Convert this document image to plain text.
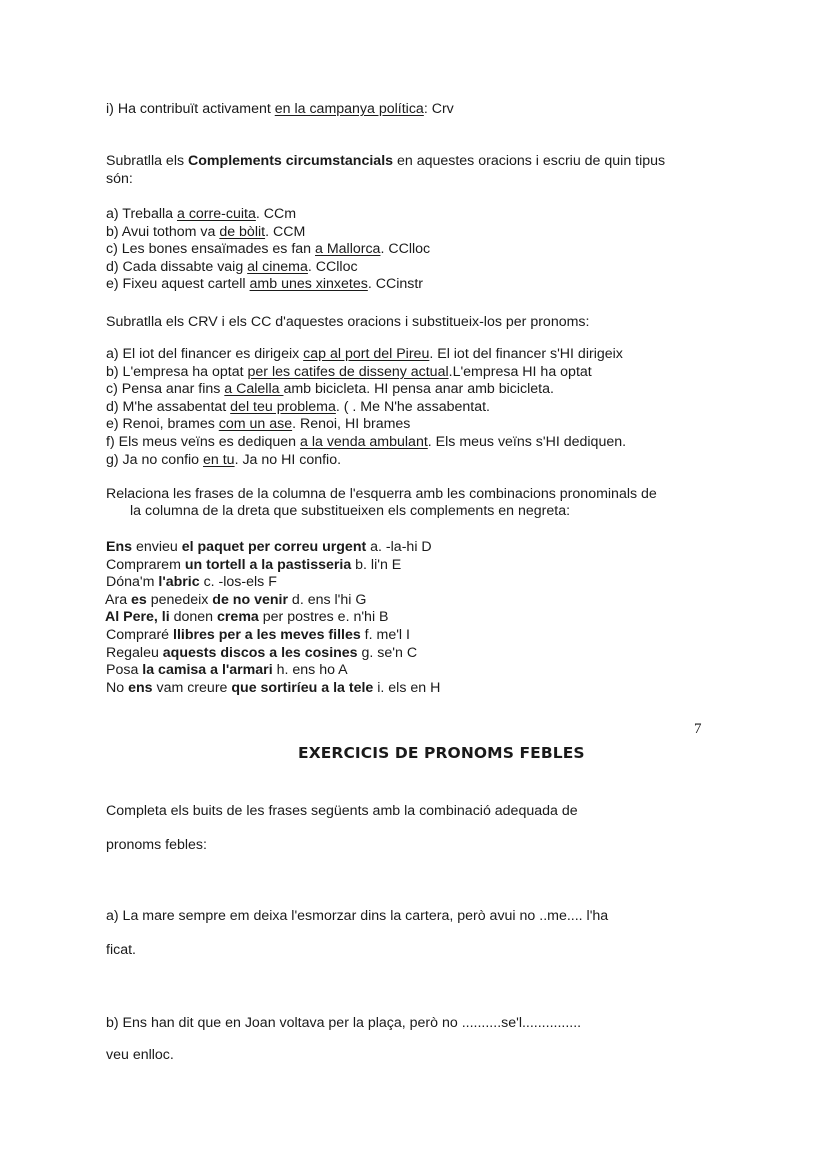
i) Ha contribuït activament en la campanya política: Crv
Subratlla els Complements circumstancials en aquestes oracions i escriu de quin tipus
són:
a) Treballa a corre-cuita. CCm
b) Avui tothom va de bòlit. CCM
c) Les bones ensaïmades es fan a Mallorca. CClloc
d) Cada dissabte vaig al cinema. CClloc
e) Fixeu aquest cartell amb unes xinxetes. CCinstr
Subratlla els CRV i els CC d'aquestes oracions i substitueix-los per pronoms:
a) El iot del financer es dirigeix cap al port del Pireu. El iot del financer s'HI dirigeix
b) L'empresa ha optat per les catifes de disseny actual.L'empresa HI ha optat
c) Pensa anar fins a Calella amb bicicleta. HI pensa anar amb bicicleta.
d) M'he assabentat del teu problema. ( . Me N'he assabentat.
e) Renoi, brames com un ase. Renoi, HI brames
f) Els meus veïns es dediquen a la venda ambulant. Els meus veïns s'HI dediquen.
g) Ja no confio en tu. Ja no HI confio.
Relaciona les frases de la columna de l'esquerra amb les combinacions pronominals de
la columna de la dreta que substitueixen els complements en negreta:
Ens envieu el paquet per correu urgent a. -la-hi D
Comprarem un tortell a la pastisseria b. li'n E
Dóna'm l'abric c. -los-els F
Ara es penedeix de no venir d. ens l'hi G
Al Pere, li donen crema per postres e. n'hi B
Compraré llibres per a les meves filles f. me'l I
Regaleu aquests discos a les cosines g. se'n C
Posa la camisa a l'armari h. ens ho A
No ens vam creure que sortiríeu a la tele i. els en H
7
EXERCICIS DE PRONOMS FEBLES
Completa els buits de les frases següents amb la combinació adequada de
pronoms febles:
a) La mare sempre em deixa l'esmorzar dins la cartera, però avui no ..me.... l'ha
ficat.
b) Ens han dit que en Joan voltava per la plaça, però no ..........se'l...............
veu enlloc.
